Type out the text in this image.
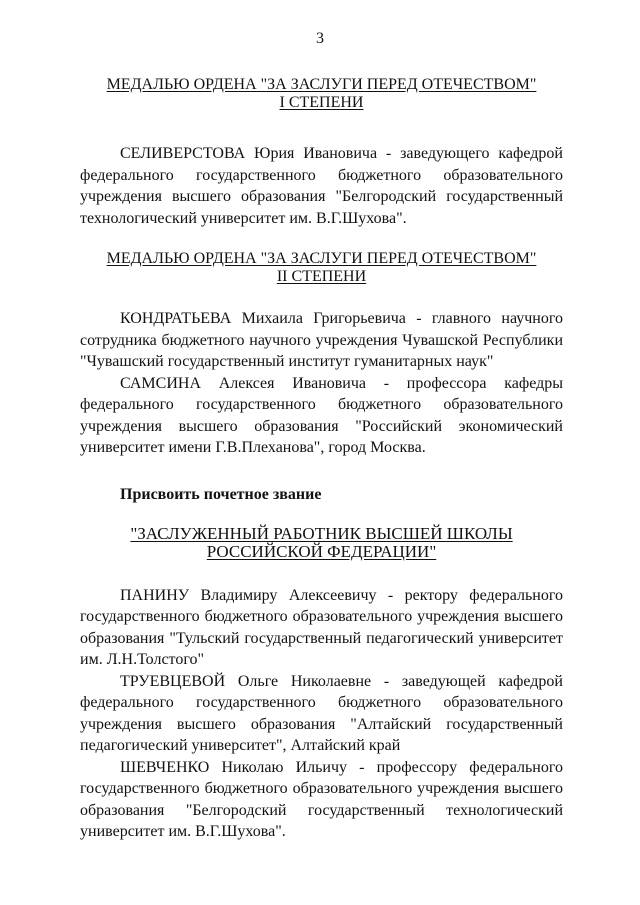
3
МЕДАЛЬЮ ОРДЕНА "ЗА ЗАСЛУГИ ПЕРЕД ОТЕЧЕСТВОМ"
I СТЕПЕНИ

СЕЛИВЕРСТОВА Юрия Ивановича - заведующего кафедрой федерального государственного бюджетного образовательного учреждения высшего образования "Белгородский государственный технологический университет им. В.Г.Шухова".

МЕДАЛЬЮ ОРДЕНА "ЗА ЗАСЛУГИ ПЕРЕД ОТЕЧЕСТВОМ"
II СТЕПЕНИ

КОНДРАТЬЕВА Михаила Григорьевича - главного научного сотрудника бюджетного научного учреждения Чувашской Республики "Чувашский государственный институт гуманитарных наук"

САМСИНА Алексея Ивановича - профессора кафедры федерального государственного бюджетного образовательного учреждения высшего образования "Российский экономический университет имени Г.В.Плеханова", город Москва.

Присвоить почетное звание

"ЗАСЛУЖЕННЫЙ РАБОТНИК ВЫСШЕЙ ШКОЛЫ
РОССИЙСКОЙ ФЕДЕРАЦИИ"

ПАНИНУ Владимиру Алексеевичу - ректору федерального государственного бюджетного образовательного учреждения высшего образования "Тульский государственный педагогический университет им. Л.Н.Толстого"

ТРУЕВЦЕВОЙ Ольге Николаевне - заведующей кафедрой федерального государственного бюджетного образовательного учреждения высшего образования "Алтайский государственный педагогический университет", Алтайский край

ШЕВЧЕНКО Николаю Ильичу - профессору федерального государственного бюджетного образовательного учреждения высшего образования "Белгородский государственный технологический университет им. В.Г.Шухова".
